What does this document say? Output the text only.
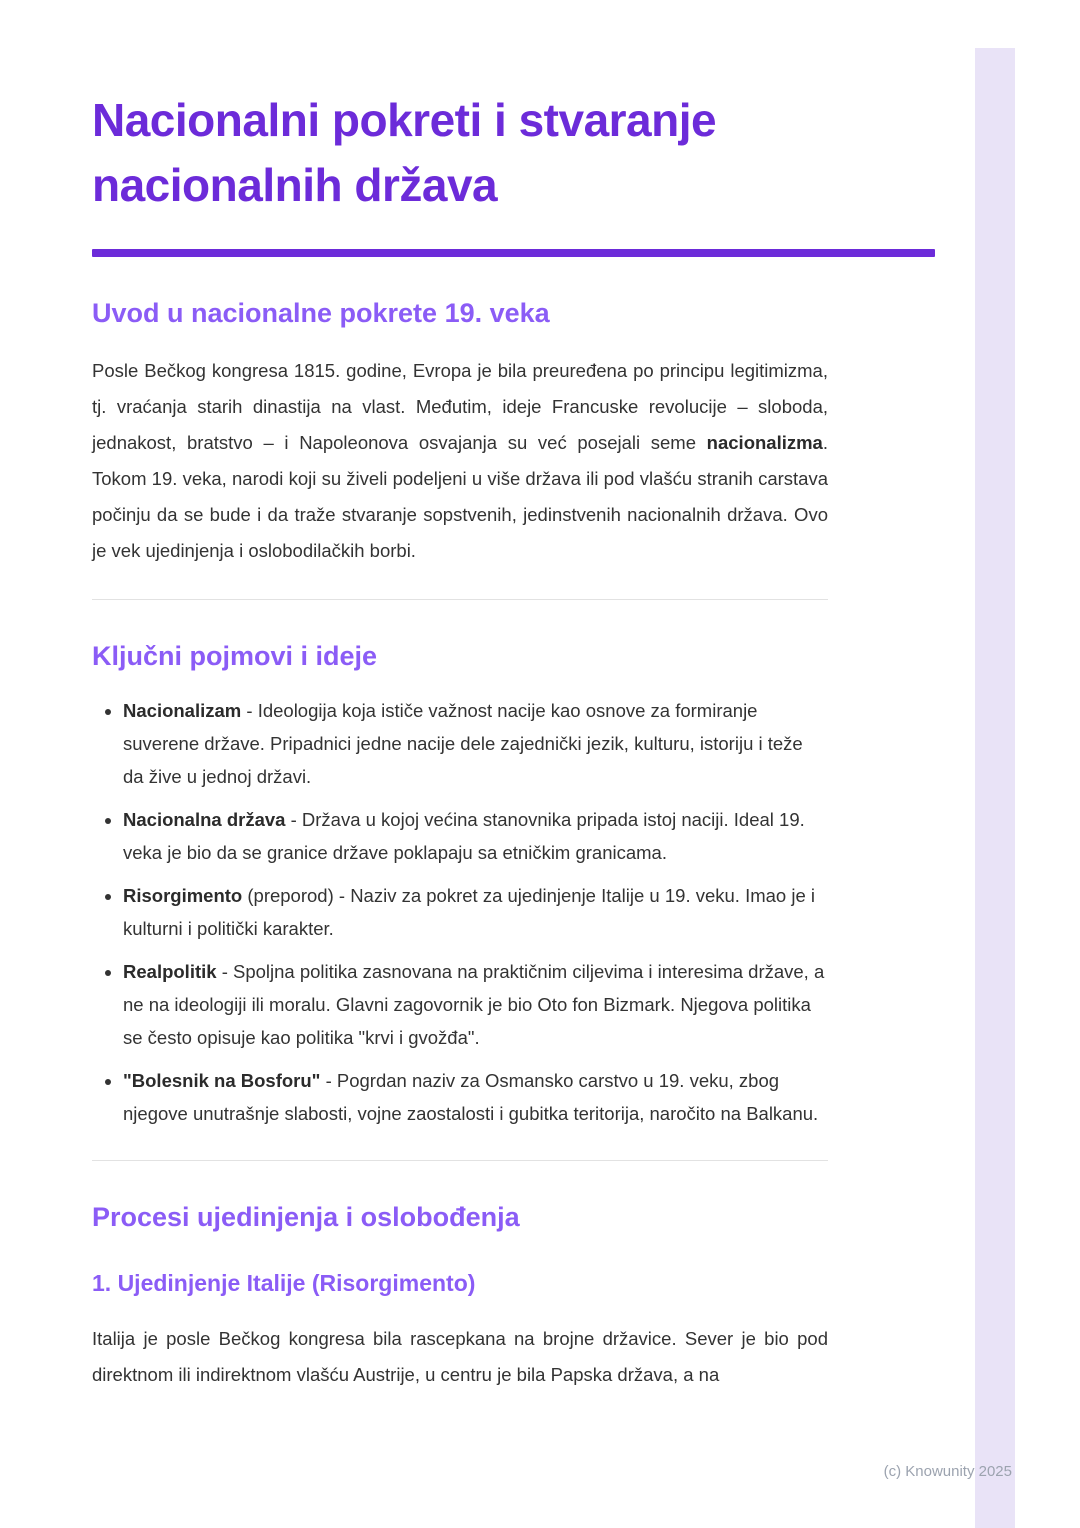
Nacionalni pokreti i stvaranje
nacionalnih država
Uvod u nacionalne pokrete 19. veka

Posle Bečkog kongresa 1815. godine, Evropa je bila preuređena po principu legitimizma, tj. vraćanja starih dinastija na vlast. Međutim, ideje Francuske revolucije – sloboda, jednakost, bratstvo – i Napoleonova osvajanja su već posejali seme nacionalizma. Tokom 19. veka, narodi koji su živeli podeljeni u više država ili pod vlašću stranih carstava počinju da se bude i da traže stvaranje sopstvenih, jedinstvenih nacionalnih država. Ovo je vek ujedinjenja i oslobodilačkih borbi.

Ključni pojmovi i ideje
• Nacionalizam - Ideologija koja ističe važnost nacije kao osnove za formiranje suverene države. Pripadnici jedne nacije dele zajednički jezik, kulturu, istoriju i teže da žive u jednoj državi.
• Nacionalna država - Država u kojoj većina stanovnika pripada istoj naciji. Ideal 19. veka je bio da se granice države poklapaju sa etničkim granicama.
• Risorgimento (preporod) - Naziv za pokret za ujedinjenje Italije u 19. veku. Imao je i kulturni i politički karakter.
• Realpolitik - Spoljna politika zasnovana na praktičnim ciljevima i interesima države, a ne na ideologiji ili moralu. Glavni zagovornik je bio Oto fon Bizmark. Njegova politika se često opisuje kao politika "krvi i gvožđa".
• "Bolesnik na Bosforu" - Pogrdan naziv za Osmansko carstvo u 19. veku, zbog njegove unutrašnje slabosti, vojne zaostalosti i gubitka teritorija, naročito na Balkanu.
Procesi ujedinjenja i oslobođenja
1. Ujedinjenje Italije (Risorgimento)

Italija je posle Bečkog kongresa bila rascepkana na brojne državice. Sever je bio pod direktnom ili indirektnom vlašću Austrije, u centru je bila Papska država, a na

(c) Knowunity 2025
